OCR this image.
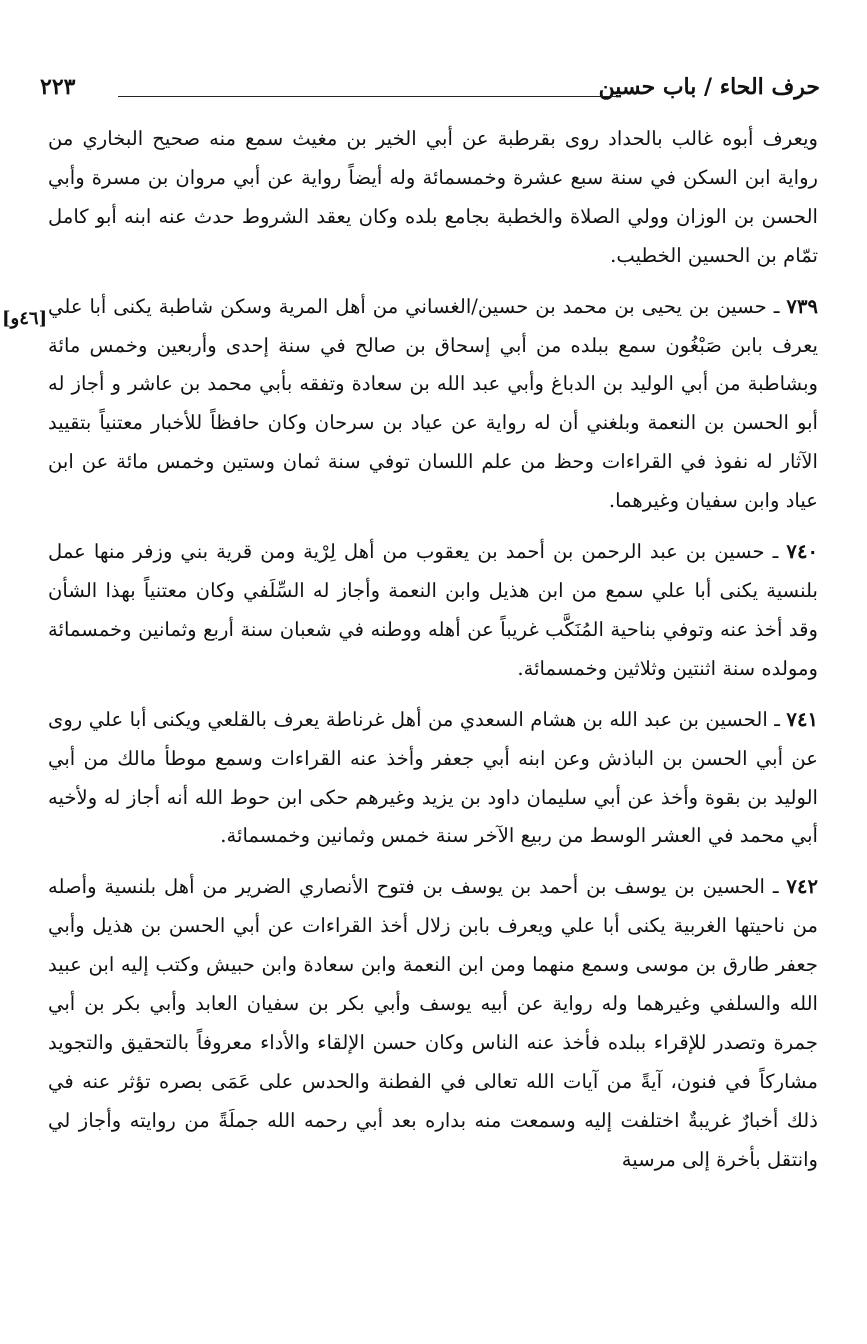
حرف الحاء / باب حسين
٢٢٣
[٤٦و]

ويعرف أبوه غالب بالحداد روى بقرطبة عن أبي الخير بن مغيث سمع منه صحيح البخاري من رواية ابن السكن في سنة سبع عشرة وخمسمائة وله أيضاً رواية عن أبي مروان بن مسرة وأبي الحسن بن الوزان وولي الصلاة والخطبة بجامع بلده وكان يعقد الشروط حدث عنه ابنه أبو كامل تمّام بن الحسين الخطيب.

٧٣٩ ـ حسين بن يحيى بن محمد بن حسين/الغساني من أهل المرية وسكن شاطبة يكنى أبا علي يعرف بابن صَبْغُون سمع ببلده من أبي إسحاق بن صالح في سنة إحدى وأربعين وخمس مائة وبشاطبة من أبي الوليد بن الدباغ وأبي عبد الله بن سعادة وتفقه بأبي محمد بن عاشر و أجاز له أبو الحسن بن النعمة وبلغني أن له رواية عن عياد بن سرحان وكان حافظاً للأخبار معتنياً بتقييد الآثار له نفوذ في القراءات وحظ من علم اللسان توفي سنة ثمان وستين وخمس مائة عن ابن عياد وابن سفيان وغيرهما.

٧٤٠ ـ حسين بن عبد الرحمن بن أحمد بن يعقوب من أهل لِرْية ومن قرية بني وزفر منها عمل بلنسية يكنى أبا علي سمع من ابن هذيل وابن النعمة وأجاز له السِّلَفي وكان معتنياً بهذا الشأن وقد أخذ عنه وتوفي بناحية المُنَكَّب غريباً عن أهله ووطنه في شعبان سنة أربع وثمانين وخمسمائة ومولده سنة اثنتين وثلاثين وخمسمائة.

٧٤١ ـ الحسين بن عبد الله بن هشام السعدي من أهل غرناطة يعرف بالقلعي ويكنى أبا علي روى عن أبي الحسن بن الباذش وعن ابنه أبي جعفر وأخذ عنه القراءات وسمع موطأ مالك من أبي الوليد بن بقوة وأخذ عن أبي سليمان داود بن يزيد وغيرهم حكى ابن حوط الله أنه أجاز له ولأخيه أبي محمد في العشر الوسط من ربيع الآخر سنة خمس وثمانين وخمسمائة.

٧٤٢ ـ الحسين بن يوسف بن أحمد بن يوسف بن فتوح الأنصاري الضرير من أهل بلنسية وأصله من ناحيتها الغربية يكنى أبا علي ويعرف بابن زلال أخذ القراءات عن أبي الحسن بن هذيل وأبي جعفر طارق بن موسى وسمع منهما ومن ابن النعمة وابن سعادة وابن حبيش وكتب إليه ابن عبيد الله والسلفي وغيرهما وله رواية عن أبيه يوسف وأبي بكر بن سفيان العابد وأبي بكر بن أبي جمرة وتصدر للإقراء ببلده فأخذ عنه الناس وكان حسن الإلقاء والأداء معروفاً بالتحقيق والتجويد مشاركاً في فنون، آيةً من آيات الله تعالى في الفطنة والحدس على عَمَى بصره تؤثر عنه في ذلك أخبارٌ غريبةٌ اختلفت إليه وسمعت منه بداره بعد أبي رحمه الله جملَةً من روايته وأجاز لي وانتقل بأخرة إلى مرسية
